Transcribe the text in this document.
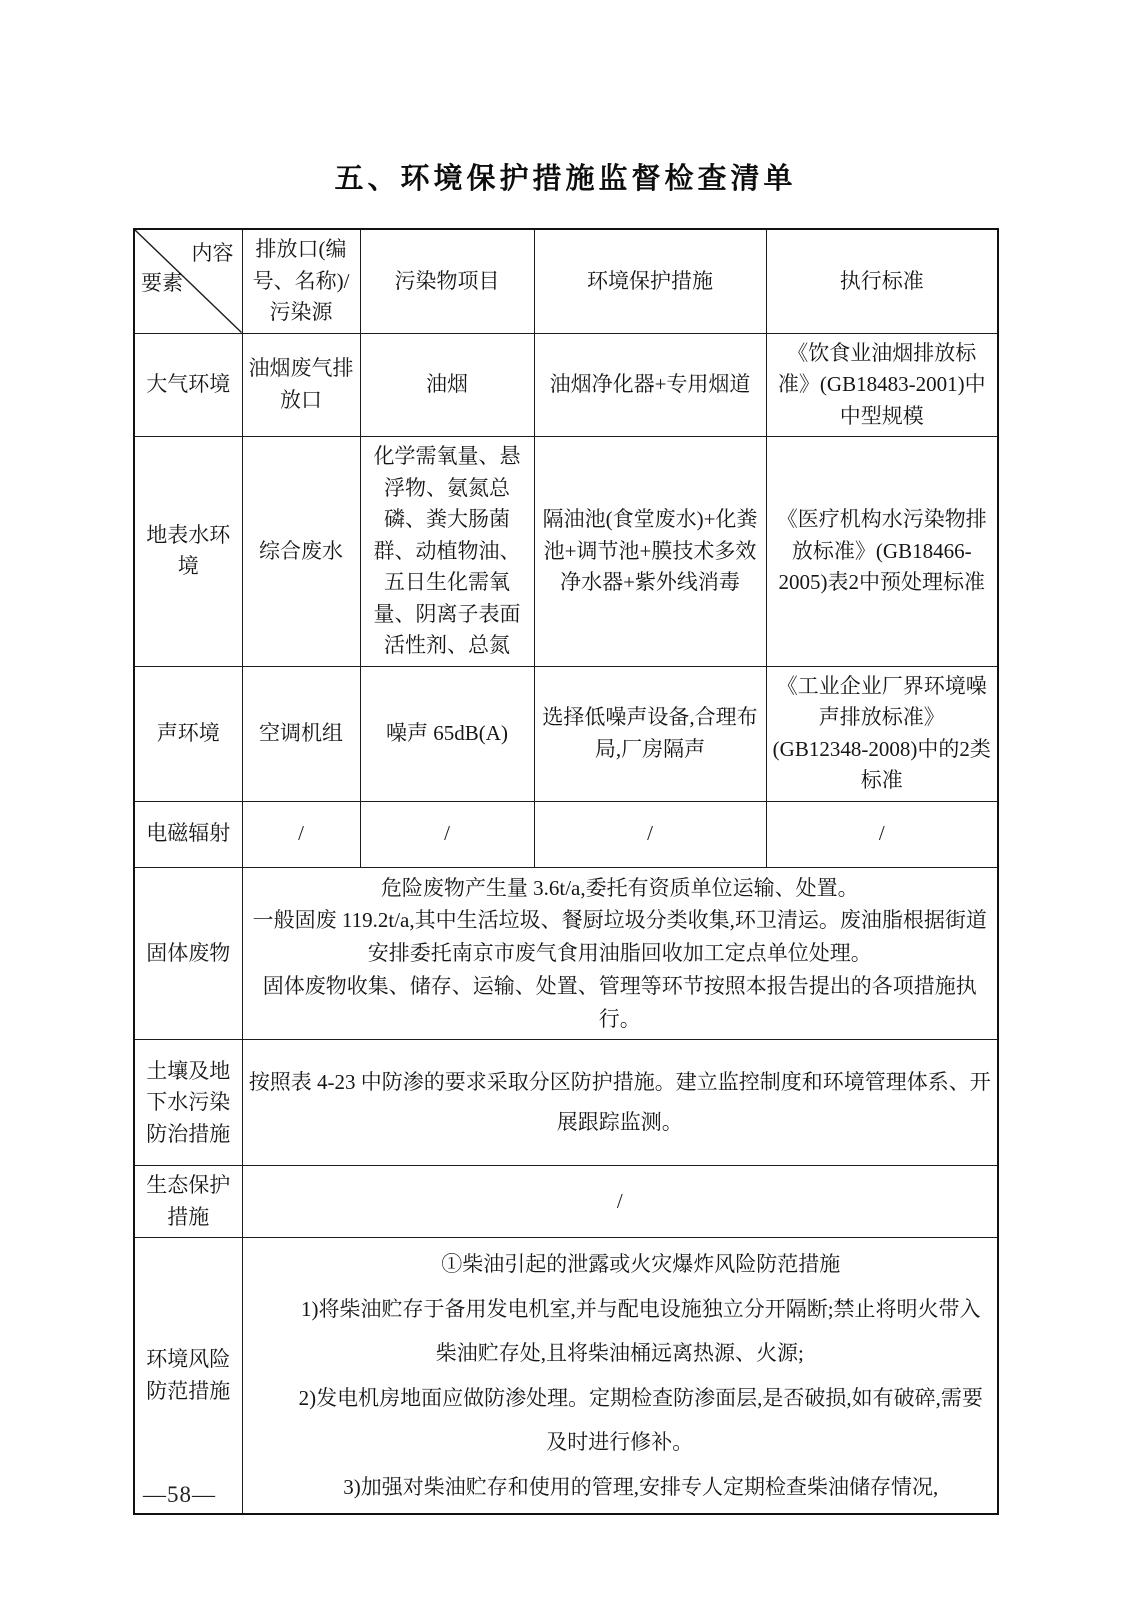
五、环境保护措施监督检查清单
内容
要素	排放口(编号、名称)/污染源	污染物项目	环境保护措施	执行标准
大气环境	油烟废气排放口	油烟	油烟净化器+专用烟道	《饮食业油烟排放标准》(GB18483-2001)中中型规模
地表水环境	综合废水	化学需氧量、悬浮物、氨氮总磷、粪大肠菌群、动植物油、五日生化需氧量、阴离子表面活性剂、总氮	隔油池(食堂废水)+化粪池+调节池+膜技术多效净水器+紫外线消毒	《医疗机构水污染物排放标准》(GB18466-2005)表2中预处理标准
声环境	空调机组	噪声 65dB(A)	选择低噪声设备,合理布局,厂房隔声	《工业企业厂界环境噪声排放标准》(GB12348-2008)中的2类标准
电磁辐射	/	/	/	/
固体废物	危险废物产生量 3.6t/a,委托有资质单位运输、处置。

一般固废 119.2t/a,其中生活垃圾、餐厨垃圾分类收集,环卫清运。废油脂根据街道安排委托南京市废气食用油脂回收加工定点单位处理。

固体废物收集、储存、运输、处置、管理等环节按照本报告提出的各项措施执行。			

土壤及地下水污染防治措施	按照表 4-23 中防渗的要求采取分区防护措施。建立监控制度和环境管理体系、开展跟踪监测。			

生态保护措施	/			

环境风险防范措施	①柴油引起的泄露或火灾爆炸风险防范措施

1)将柴油贮存于备用发电机室,并与配电设施独立分开隔断;禁止将明火带入柴油贮存处,且将柴油桶远离热源、火源;

2)发电机房地面应做防渗处理。定期检查防渗面层,是否破损,如有破碎,需要及时进行修补。

3)加强对柴油贮存和使用的管理,安排专人定期检查柴油储存情况,			

—58—
